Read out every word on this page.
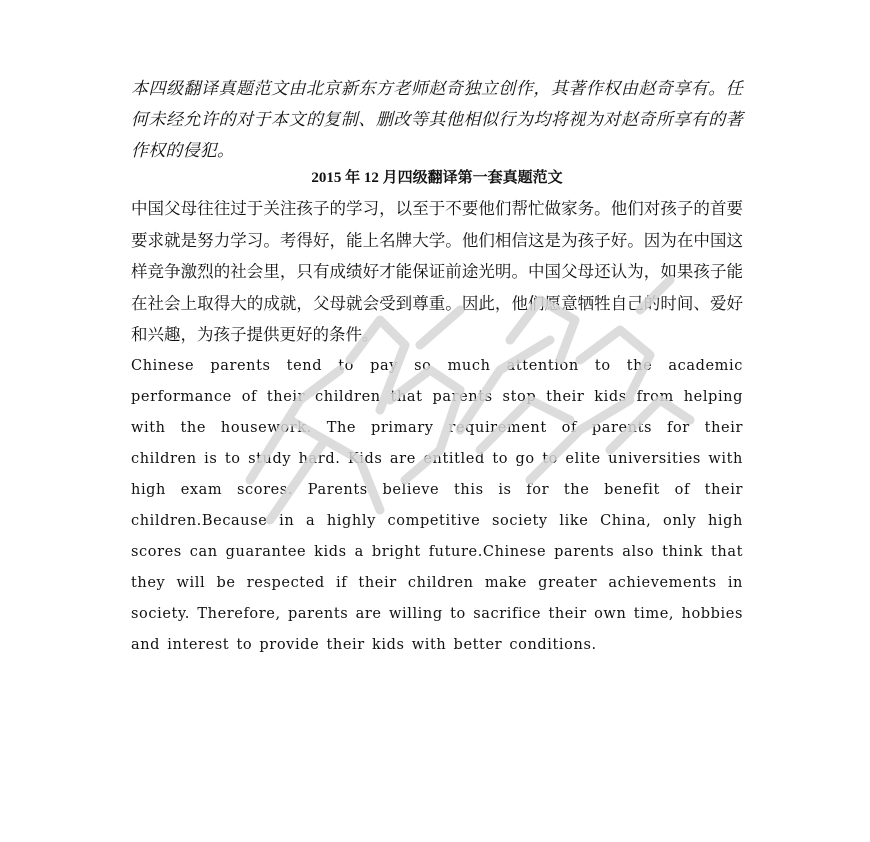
本四级翻译真题范文由北京新东方老师赵奇独立创作，其著作权由赵奇享有。任何未经允许的对于本文的复制、删改等其他相似行为均将视为对赵奇所享有的著作权的侵犯。

2015 年 12 月四级翻译第一套真题范文

中国父母往往过于关注孩子的学习，以至于不要他们帮忙做家务。他们对孩子的首要要求就是努力学习。考得好，能上名牌大学。他们相信这是为孩子好。因为在中国这样竞争激烈的社会里，只有成绩好才能保证前途光明。中国父母还认为，如果孩子能在社会上取得大的成就，父母就会受到尊重。因此，他们愿意牺牲自己的时间、爱好和兴趣，为孩子提供更好的条件。

Chinese parents tend to pay so much attention to the academic performance of their children that parents stop their kids from helping with the housework. The primary requirement of parents for their children is to study hard. Kids are entitled to go to elite universities with high exam scores. Parents believe this is for the benefit of their children.Because in a highly competitive society like China, only high scores can guarantee kids a bright future.Chinese parents also think that they will be respected if their children make greater achievements in society. Therefore, parents are willing to sacrifice their own time, hobbies and interest to provide their kids with better conditions.
